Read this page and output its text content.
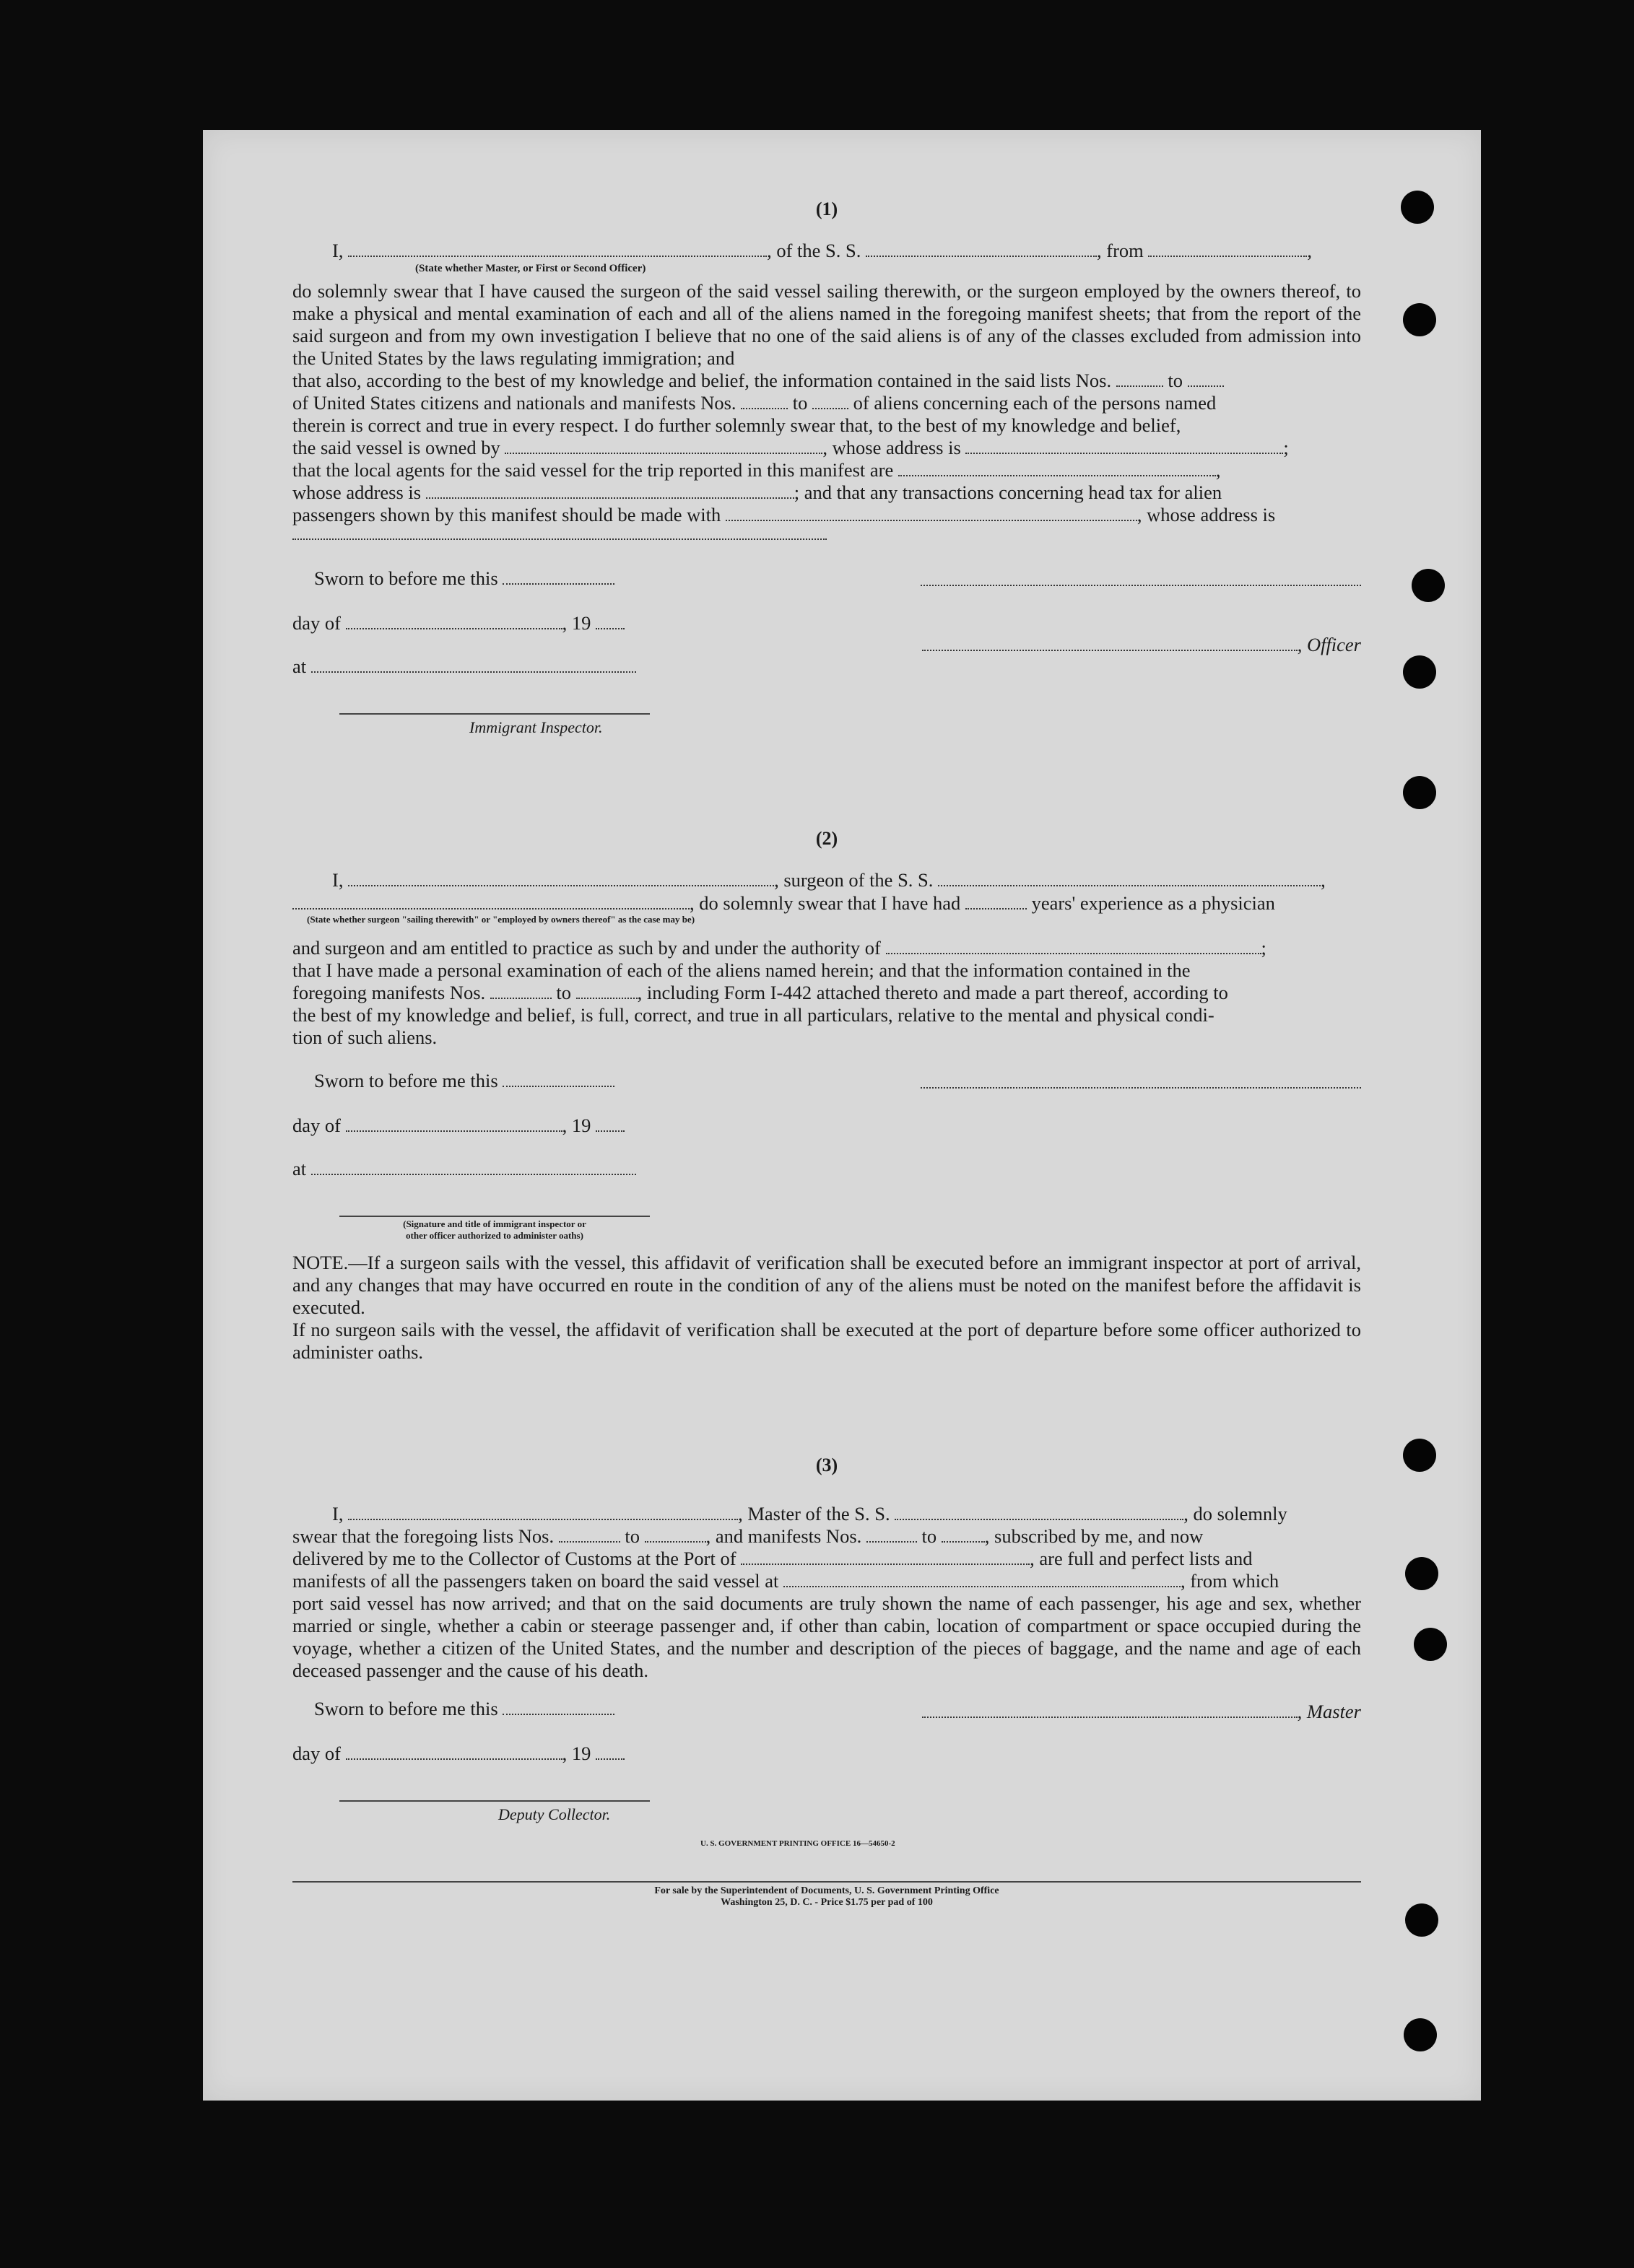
(1)
I,	, of the S. S.	, from	,
(State whether Master, or First or Second Officer)

do solemnly swear that I have caused the surgeon of the said vessel sailing therewith, or the surgeon employed by the owners thereof, to make a physical and mental examination of each and all of the aliens named in the foregoing manifest sheets; that from the report of the said surgeon and from my own investigation I believe that no one of the said aliens is of any of the classes excluded from admission into the United States by the laws regulating immigration; and

that also, according to the best of my knowledge and belief, the information contained in the said lists Nos.	to
of United States citizens and nationals and manifests Nos.	to of aliens concerning each of the persons named
therein is correct and true in every respect. I do further solemnly swear that, to the best of my knowledge and belief,
the said vessel is owned by	, whose address is	;
that the local agents for the said vessel for the trip reported in this manifest are	,
whose address is	; and that any transactions concerning head tax for alien
passengers shown by this manifest should be made with	, whose address is
Sworn to before me this
day of	, 19
, Officer
at
Immigrant Inspector.
(2)
I,	, surgeon of the S. S.	,
, do solemnly swear that I have had	years' experience as a physician
(State whether surgeon "sailing therewith" or "employed by owners thereof" as the case may be)
and surgeon and am entitled to practice as such by and under the authority of	;
that I have made a personal examination of each of the aliens named herein; and that the information contained in the
foregoing manifests Nos.	to	, including Form I-442 attached thereto and made a part thereof, according to
the best of my knowledge and belief, is full, correct, and true in all particulars, relative to the mental and physical condi-
tion of such aliens.
Sworn to before me this
day of	, 19
at
(Signature and title of immigrant inspector or
other officer authorized to administer oaths)

NOTE.—If a surgeon sails with the vessel, this affidavit of verification shall be executed before an immigrant inspector at port of arrival, and any changes that may have occurred en route in the condition of any of the aliens must be noted on the manifest before the affidavit is executed.

If no surgeon sails with the vessel, the affidavit of verification shall be executed at the port of departure before some officer authorized to administer oaths.

(3)
I,	, Master of the S. S.	, do solemnly
swear that the foregoing lists Nos.	to	, and manifests Nos.	to	, subscribed by me, and now
delivered by me to the Collector of Customs at the Port of	, are full and perfect lists and
manifests of all the passengers taken on board the said vessel at	, from which

port said vessel has now arrived; and that on the said documents are truly shown the name of each passenger, his age and sex, whether married or single, whether a cabin or steerage passenger and, if other than cabin, location of compartment or space occupied during the voyage, whether a citizen of the United States, and the number and description of the pieces of baggage, and the name and age of each deceased passenger and the cause of his death.

Sworn to before me this	, Master
day of	, 19
Deputy Collector.
U. S. GOVERNMENT PRINTING OFFICE 16—54650-2
For sale by the Superintendent of Documents, U. S. Government Printing Office
Washington 25, D. C. - Price $1.75 per pad of 100
